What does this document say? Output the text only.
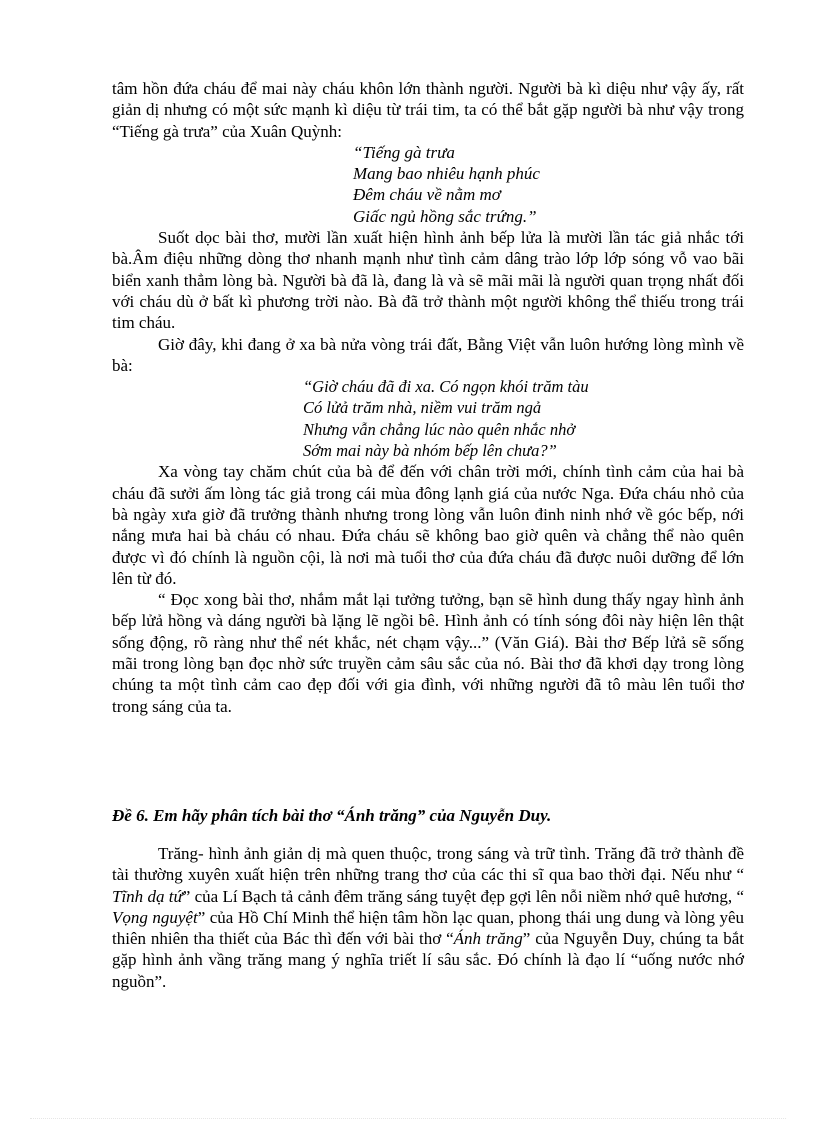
tâm hồn đứa cháu để mai này cháu khôn lớn thành người. Người bà kì diệu như vậy ấy, rất giản dị nhưng có một sức mạnh kì diệu từ trái tim, ta có thể bắt gặp người bà như vậy trong “Tiếng gà trưa” của Xuân Quỳnh:

“Tiếng gà trưa
Mang bao nhiêu hạnh phúc
Đêm cháu về nằm mơ
Giấc ngủ hồng sắc trứng.”

Suốt dọc bài thơ, mười lần xuất hiện hình ảnh bếp lửa là mười lần tác giả nhắc tới bà.Âm điệu những dòng thơ nhanh mạnh như tình cảm dâng trào lớp lớp sóng vỗ vao bãi biển xanh thẳm lòng bà. Người bà đã là, đang là và sẽ mãi mãi là người quan trọng nhất đối với cháu dù ở bất kì phương trời nào. Bà đã trở thành một người không thể thiếu trong trái tim cháu.

Giờ đây, khi đang ở xa bà nửa vòng trái đất, Bằng Việt vẫn luôn hướng lòng mình về bà:

“Giờ cháu đã đi xa. Có ngọn khói trăm tàu
Có lửả trăm nhà, niềm vui trăm ngả
Nhưng vẫn chẳng lúc nào quên nhắc nhở
Sớm mai này bà nhóm bếp lên chưa?”

Xa vòng tay chăm chút của bà để đến với chân trời mới, chính tình cảm của hai bà cháu đã sưởi ấm lòng tác giả trong cái mùa đông lạnh giá của nước Nga. Đứa cháu nhỏ của bà ngày xưa giờ đã trưởng thành nhưng trong lòng vẫn luôn đinh ninh nhớ về góc bếp, nới nắng mưa hai bà cháu có nhau. Đứa cháu sẽ không bao giờ quên và chẳng thể nào quên được vì đó chính là nguồn cội, là nơi mà tuổi thơ của đứa cháu đã được nuôi dưỡng để lớn lên từ đó.

“ Đọc xong bài thơ, nhắm mắt lại tưởng tưởng, bạn sẽ hình dung thấy ngay hình ảnh bếp lửả hồng và dáng người bà lặng lẽ ngồi bê. Hình ảnh có tính sóng đôi này hiện lên thật sống động, rõ ràng như thể nét khắc, nét chạm vậy...” (Văn Giá). Bài thơ Bếp lửả sẽ sống mãi trong lòng bạn đọc nhờ sức truyền cảm sâu sắc của nó. Bài thơ đã khơi dạy trong lòng chúng ta một tình cảm cao đẹp đối với gia đình, với những người đã tô màu lên tuổi thơ trong sáng của ta.

Đề 6. Em hãy phân tích bài thơ “Ánh trăng” của Nguyễn Duy.

Trăng- hình ảnh giản dị mà quen thuộc, trong sáng và trữ tình. Trăng đã trở thành đề tài thường xuyên xuất hiện trên những trang thơ của các thi sĩ qua bao thời đại. Nếu như “ Tĩnh dạ tứ” của Lí Bạch tả cảnh đêm trăng sáng tuyệt đẹp gợi lên nỗi niềm nhớ quê hương, “ Vọng nguyệt” của Hồ Chí Minh thể hiện tâm hồn lạc quan, phong thái ung dung và lòng yêu thiên nhiên tha thiết của Bác thì đến với bài thơ “Ánh trăng” của Nguyễn Duy, chúng ta bắt gặp hình ảnh vầng trăng mang ý nghĩa triết lí sâu sắc. Đó chính là đạo lí “uống nước nhớ nguồn”.
